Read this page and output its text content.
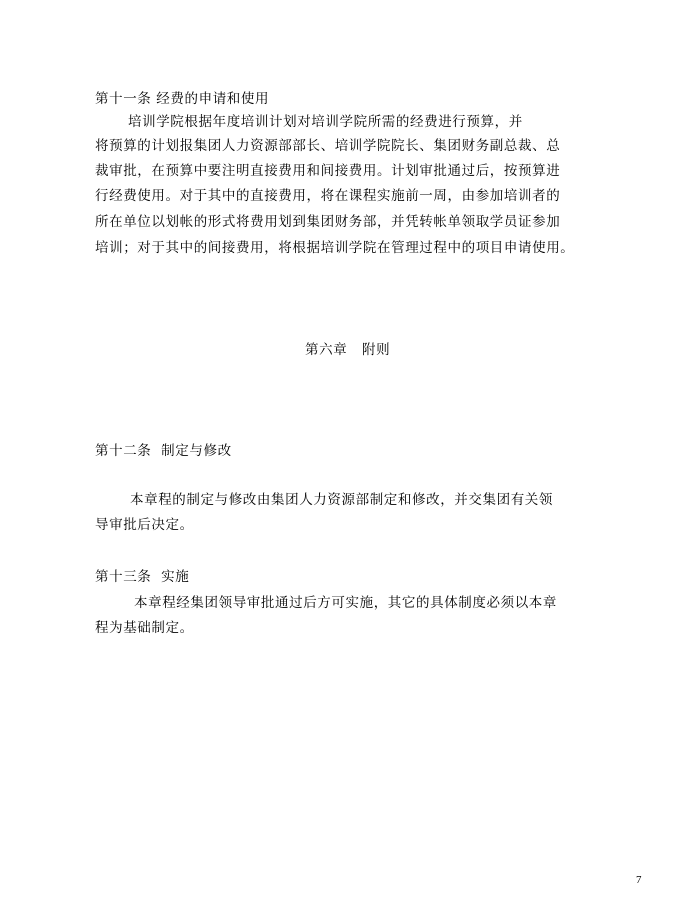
第十一条 经费的申请和使用
培训学院根据年度培训计划对培训学院所需的经费进行预算，并
将预算的计划报集团人力资源部部长、培训学院院长、集团财务副总裁、总
裁审批，在预算中要注明直接费用和间接费用。计划审批通过后，按预算进
行经费使用。对于其中的直接费用，将在课程实施前一周，由参加培训者的
所在单位以划帐的形式将费用划到集团财务部，并凭转帐单领取学员证参加
培训；对于其中的间接费用，将根据培训学院在管理过程中的项目申请使用。
第六章   附则
第十二条  制定与修改
本章程的制定与修改由集团人力资源部制定和修改，并交集团有关领
导审批后决定。
第十三条  实施
本章程经集团领导审批通过后方可实施，其它的具体制度必须以本章
程为基础制定。
7
